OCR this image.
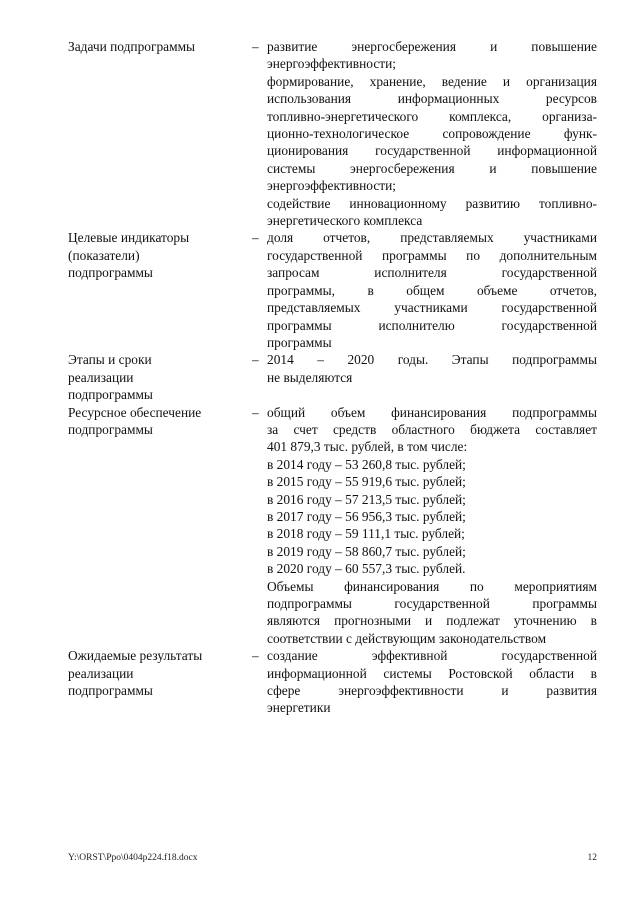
Задачи подпрограммы	– развитие энергосбережения и повышение
энергоэффективности;
формирование, хранение, ведение и организация
использования информационных ресурсов
топливно-энергетического комплекса, организа-
ционно-технологическое сопровождение функ-
ционирования государственной информационной
системы энергосбережения и повышение
энергоэффективности;
содействие инновационному развитию топливно-
энергетического комплекса
Целевые индикаторы
(показатели)
подпрограммы
– доля отчетов, представляемых участниками
государственной программы по дополнительным
запросам исполнителя государственной
программы, в общем объеме отчетов,
представляемых участниками государственной
программы исполнителю государственной
программы
Этапы и сроки
реализации
подпрограммы
– 2014 – 2020 годы. Этапы подпрограммы
не выделяются
Ресурсное обеспечение
подпрограммы
– общий объем финансирования подпрограммы
за счет средств областного бюджета составляет
401 879,3 тыс. рублей, в том числе:
в 2014 году – 53 260,8 тыс. рублей;
в 2015 году – 55 919,6 тыс. рублей;
в 2016 году – 57 213,5 тыс. рублей;
в 2017 году – 56 956,3 тыс. рублей;
в 2018 году – 59 111,1 тыс. рублей;
в 2019 году – 58 860,7 тыс. рублей;
в 2020 году – 60 557,3 тыс. рублей.
Объемы финансирования по мероприятиям
подпрограммы государственной программы
являются прогнозными и подлежат уточнению в
соответствии с действующим законодательством
Ожидаемые результаты
реализации
подпрограммы
– создание эффективной государственной
информационной системы Ростовской области в
сфере энергоэффективности и развития
энергетики
Y:\ORST\Ppo\0404p224.f18.docx	12
